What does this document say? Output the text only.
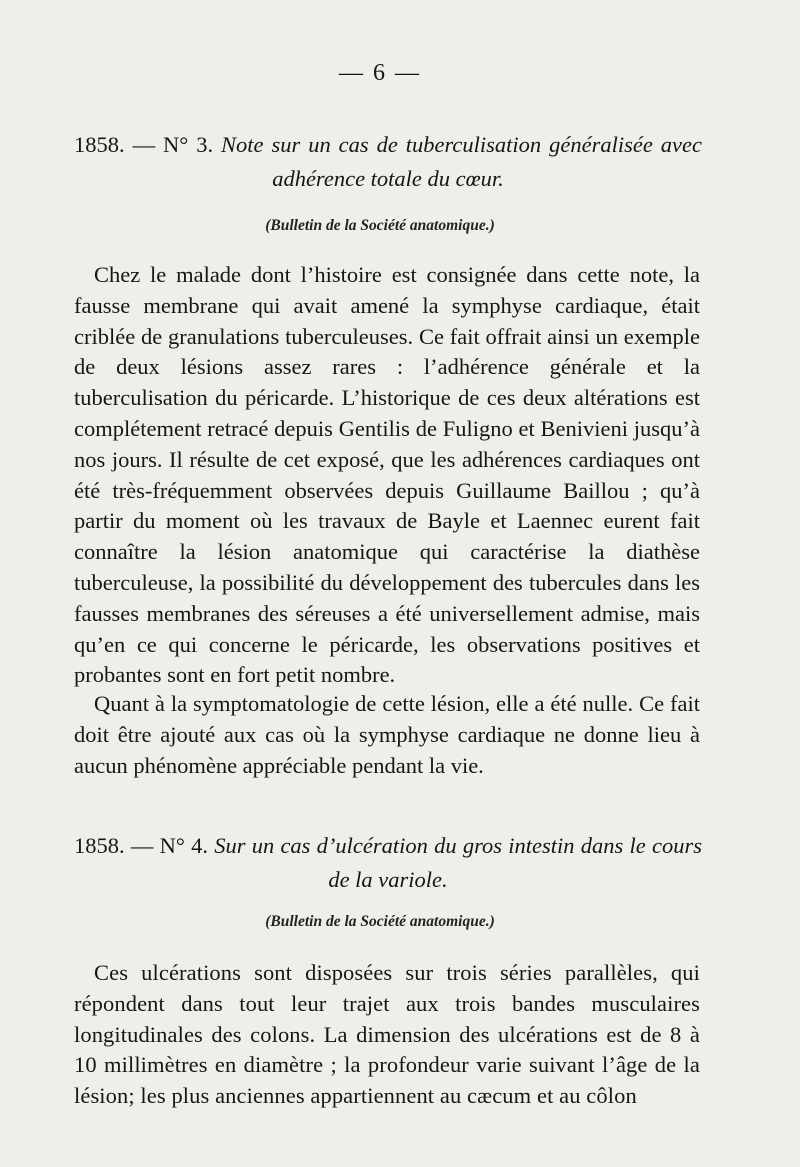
— 6 —
1858. — N° 3. Note sur un cas de tuberculisation généralisée avec adhérence totale du cœur.
(Bulletin de la Société anatomique.)

Chez le malade dont l’histoire est consignée dans cette note, la fausse membrane qui avait amené la symphyse cardiaque, était criblée de granulations tuberculeuses. Ce fait offrait ainsi un exemple de deux lésions assez rares : l’adhérence générale et la tuberculisation du péricarde. L’historique de ces deux altérations est complétement retracé depuis Gentilis de Fuligno et Benivieni jusqu’à nos jours. Il résulte de cet exposé, que les adhérences cardiaques ont été très-fréquemment observées depuis Guillaume Baillou ; qu’à partir du moment où les travaux de Bayle et Laennec eurent fait connaître la lésion anatomique qui caractérise la diathèse tuberculeuse, la possibilité du développement des tubercules dans les fausses membranes des séreuses a été universellement admise, mais qu’en ce qui concerne le péricarde, les observations positives et probantes sont en fort petit nombre.

Quant à la symptomatologie de cette lésion, elle a été nulle. Ce fait doit être ajouté aux cas où la symphyse cardiaque ne donne lieu à aucun phénomène appréciable pendant la vie.

1858. — N° 4. Sur un cas d’ulcération du gros intestin dans le cours de la variole.
(Bulletin de la Société anatomique.)

Ces ulcérations sont disposées sur trois séries parallèles, qui répondent dans tout leur trajet aux trois bandes musculaires longitudinales des colons. La dimension des ulcérations est de 8 à 10 millimètres en diamètre ; la profondeur varie suivant l’âge de la lésion; les plus anciennes appartiennent au cæcum et au côlon
